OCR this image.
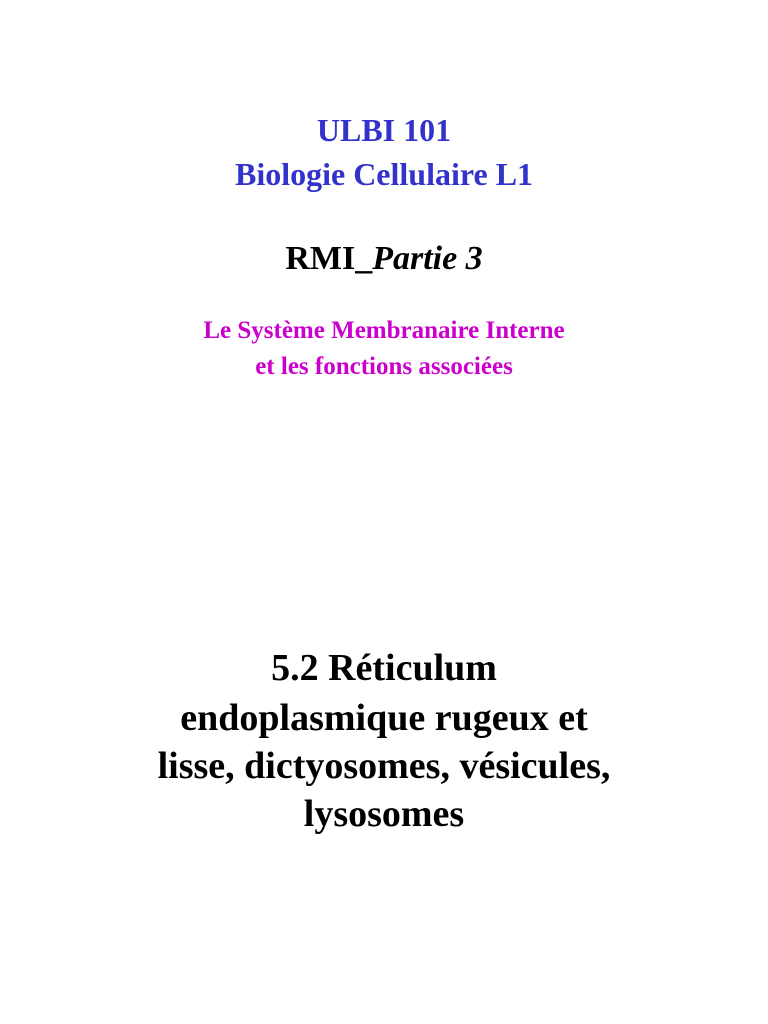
ULBI 101

Biologie Cellulaire L1

RMI_Partie 3

Le Système Membranaire Interne

et les fonctions associées

5.2 Réticulum

endoplasmique rugeux et

lisse, dictyosomes, vésicules,

lysosomes
